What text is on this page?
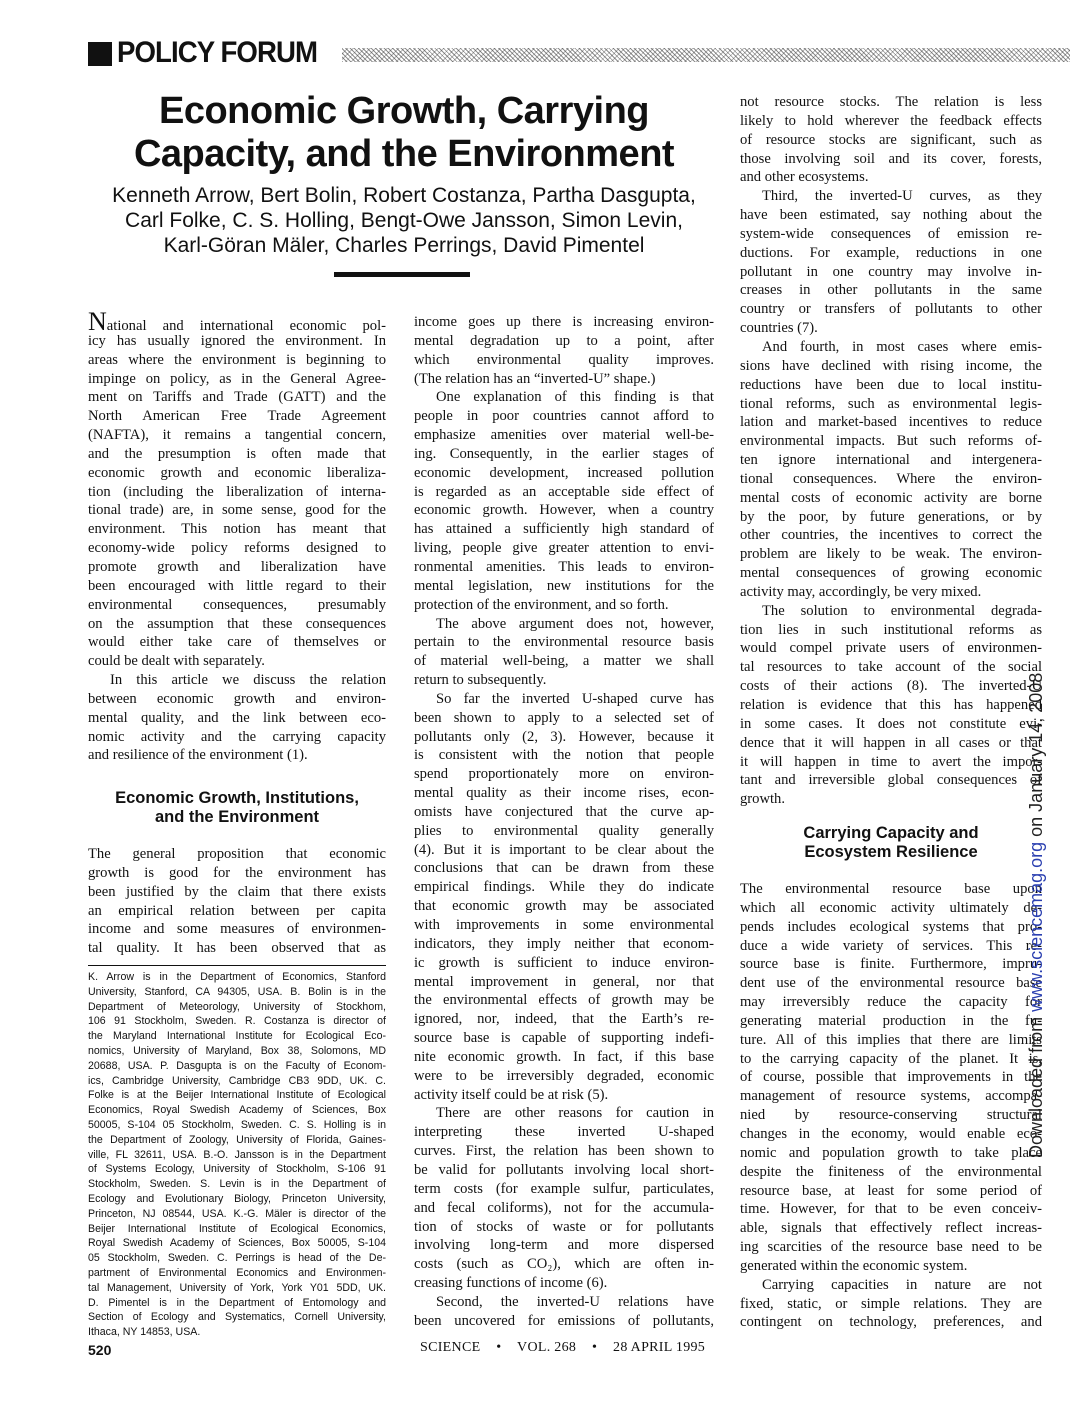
POLICY FORUM
Economic Growth, Carrying
Capacity, and the Environment
Kenneth Arrow, Bert Bolin, Robert Costanza, Partha Dasgupta,
Carl Folke, C. S. Holling, Bengt-Owe Jansson, Simon Levin,
Karl-Göran Mäler, Charles Perrings, David Pimentel
National and international economic pol-
icy has usually ignored the environment. In
areas where the environment is beginning to
impinge on policy, as in the General Agree-
ment on Tariffs and Trade (GATT) and the
North American Free Trade Agreement
(NAFTA), it remains a tangential concern,
and the presumption is often made that
economic growth and economic liberaliza-
tion (including the liberalization of interna-
tional trade) are, in some sense, good for the
environment. This notion has meant that
economy-wide policy reforms designed to
promote growth and liberalization have
been encouraged with little regard to their
environmental consequences, presumably
on the assumption that these consequences
would either take care of themselves or
could be dealt with separately.
In this article we discuss the relation
between economic growth and environ-
mental quality, and the link between eco-
nomic activity and the carrying capacity
and resilience of the environment (1).
Economic Growth, Institutions,
and the Environment
The general proposition that economic
growth is good for the environment has
been justified by the claim that there exists
an empirical relation between per capita
income and some measures of environmen-
tal quality. It has been observed that as
K. Arrow is in the Department of Economics, Stanford
University, Stanford, CA 94305, USA. B. Bolin is in the
Department of Meteorology, University of Stockhom,
106 91 Stockholm, Sweden. R. Costanza is director of
the Maryland International Institute for Ecological Eco-
nomics, University of Maryland, Box 38, Solomons, MD
20688, USA. P. Dasgupta is on the Faculty of Econom-
ics, Cambridge University, Cambridge CB3 9DD, UK. C.
Folke is at the Beijer International Institute of Ecological
Economics, Royal Swedish Academy of Sciences, Box
50005, S-104 05 Stockholm, Sweden. C. S. Holling is in
the Department of Zoology, University of Florida, Gaines-
ville, FL 32611, USA. B.-O. Jansson is in the Department
of Systems Ecology, University of Stockholm, S-106 91
Stockholm, Sweden. S. Levin is in the Department of
Ecology and Evolutionary Biology, Princeton University,
Princeton, NJ 08544, USA. K.-G. Mäler is director of the
Beijer International Institute of Ecological Economics,
Royal Swedish Academy of Sciences, Box 50005, S-104
05 Stockholm, Sweden. C. Perrings is head of the De-
partment of Environmental Economics and Environmen-
tal Management, University of York, York Y01 5DD, UK.
D. Pimentel is in the Department of Entomology and
Section of Ecology and Systematics, Cornell University,
Ithaca, NY 14853, USA.
income goes up there is increasing environ-
mental degradation up to a point, after
which environmental quality improves.
(The relation has an “inverted-U” shape.)
One explanation of this finding is that
people in poor countries cannot afford to
emphasize amenities over material well-be-
ing. Consequently, in the earlier stages of
economic development, increased pollution
is regarded as an acceptable side effect of
economic growth. However, when a country
has attained a sufficiently high standard of
living, people give greater attention to envi-
ronmental amenities. This leads to environ-
mental legislation, new institutions for the
protection of the environment, and so forth.
The above argument does not, however,
pertain to the environmental resource basis
of material well-being, a matter we shall
return to subsequently.
So far the inverted U-shaped curve has
been shown to apply to a selected set of
pollutants only (2, 3). However, because it
is consistent with the notion that people
spend proportionately more on environ-
mental quality as their income rises, econ-
omists have conjectured that the curve ap-
plies to environmental quality generally
(4). But it is important to be clear about the
conclusions that can be drawn from these
empirical findings. While they do indicate
that economic growth may be associated
with improvements in some environmental
indicators, they imply neither that econom-
ic growth is sufficient to induce environ-
mental improvement in general, nor that
the environmental effects of growth may be
ignored, nor, indeed, that the Earth’s re-
source base is capable of supporting indefi-
nite economic growth. In fact, if this base
were to be irreversibly degraded, economic
activity itself could be at risk (5).
There are other reasons for caution in
interpreting these inverted U-shaped
curves. First, the relation has been shown to
be valid for pollutants involving local short-
term costs (for example sulfur, particulates,
and fecal coliforms), not for the accumula-
tion of stocks of waste or for pollutants
involving long-term and more dispersed
costs (such as CO₂), which are often in-
creasing functions of income (6).
Second, the inverted-U relations have
been uncovered for emissions of pollutants,
not resource stocks. The relation is less
likely to hold wherever the feedback effects
of resource stocks are significant, such as
those involving soil and its cover, forests,
and other ecosystems.
Third, the inverted-U curves, as they
have been estimated, say nothing about the
system-wide consequences of emission re-
ductions. For example, reductions in one
pollutant in one country may involve in-
creases in other pollutants in the same
country or transfers of pollutants to other
countries (7).
And fourth, in most cases where emis-
sions have declined with rising income, the
reductions have been due to local institu-
tional reforms, such as environmental legis-
lation and market-based incentives to reduce
environmental impacts. But such reforms of-
ten ignore international and intergenera-
tional consequences. Where the environ-
mental costs of economic activity are borne
by the poor, by future generations, or by
other countries, the incentives to correct the
problem are likely to be weak. The environ-
mental consequences of growing economic
activity may, accordingly, be very mixed.
The solution to environmental degrada-
tion lies in such institutional reforms as
would compel private users of environmen-
tal resources to take account of the social
costs of their actions (8). The inverted-U
relation is evidence that this has happened
in some cases. It does not constitute evi-
dence that it will happen in all cases or that
it will happen in time to avert the impor-
tant and irreversible global consequences of
growth.
Carrying Capacity and
Ecosystem Resilience
The environmental resource base upon
which all economic activity ultimately de-
pends includes ecological systems that pro-
duce a wide variety of services. This re-
source base is finite. Furthermore, impru-
dent use of the environmental resource base
may irreversibly reduce the capacity for
generating material production in the fu-
ture. All of this implies that there are limits
to the carrying capacity of the planet. It is,
of course, possible that improvements in the
management of resource systems, accompa-
nied by resource-conserving structural
changes in the economy, would enable eco-
nomic and population growth to take place
despite the finiteness of the environmental
resource base, at least for some period of
time. However, for that to be even conceiv-
able, signals that effectively reflect increas-
ing scarcities of the resource base need to be
generated within the economic system.
Carrying capacities in nature are not
fixed, static, or simple relations. They are
contingent on technology, preferences, and
520	SCIENCE • VOL. 268 • 28 APRIL 1995
Downloaded from www.sciencemag.org on January 14, 2008
